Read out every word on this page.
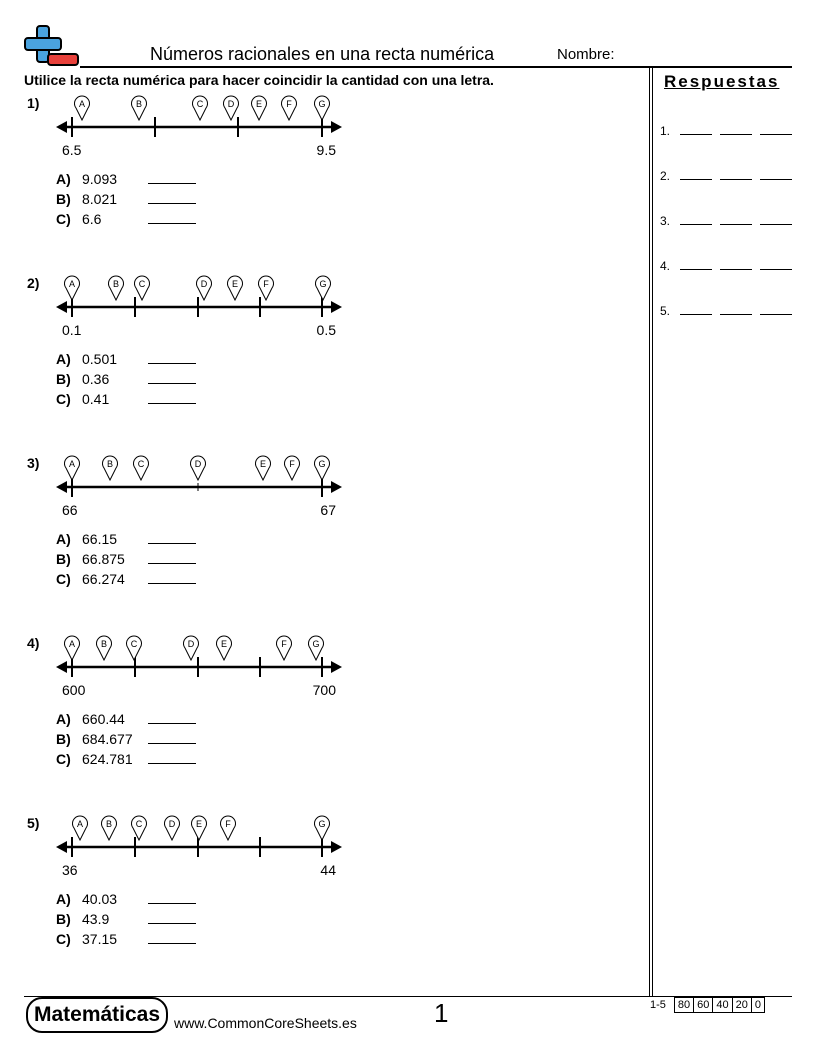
Números racionales en una recta numérica	Nombre:
Utilice la recta numérica para hacer coincidir la cantidad con una letra.
1)	A	B	C	D E	F	G
6.5	9.5
A) 9.093
B) 8.021
C) 6.6
2)	A	B C	D	E	F	G
0.1	0.5
A) 0.501
B) 0.36
C) 0.41
3)	A	B	C	D	E	F	G
66	67
A) 66.15
B) 66.875
C) 66.274
4)	A	B	C	D	E	F	G
600	700
A) 660.44
B) 684.677
C) 624.781
5)	A	B	C	D E	F	G
36	44
A) 40.03
B) 43.9
C) 37.15
Respuestas
1.
2.
3.
4.
5.
Matemáticas www.CommonCoreSheets.es	1	1-5 80 60 40 20 0
